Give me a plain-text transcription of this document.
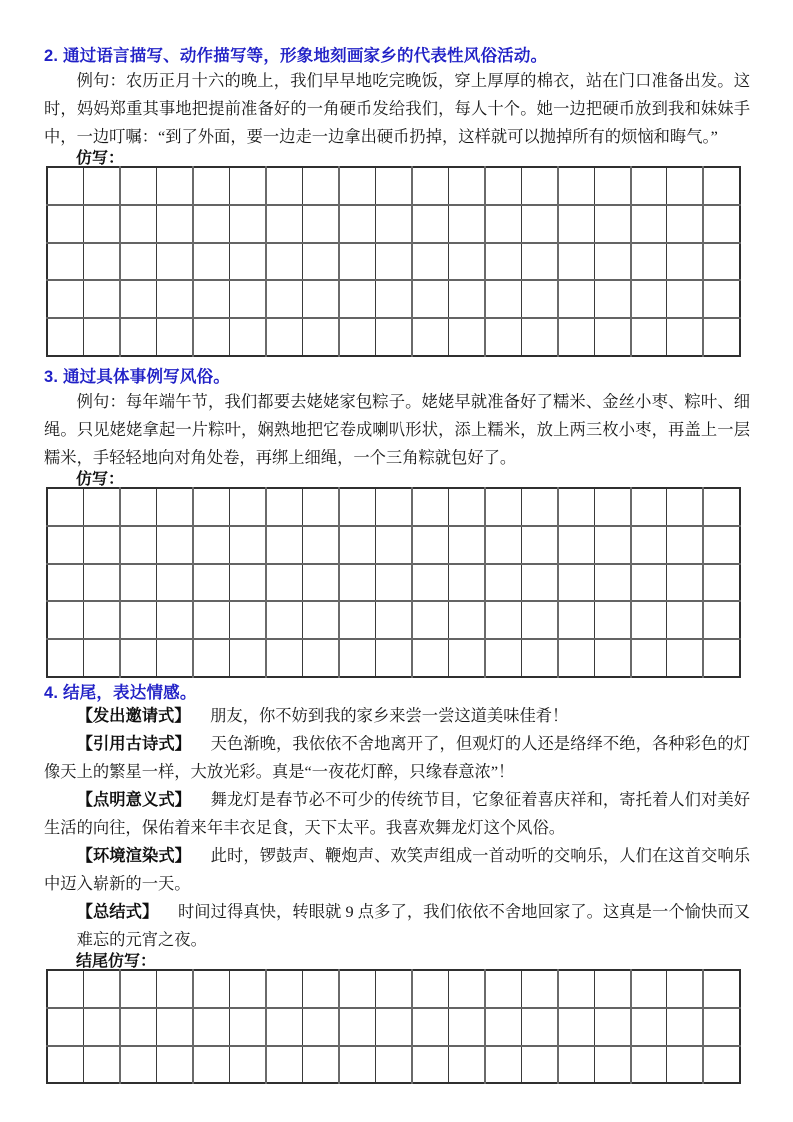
2. 通过语言描写、动作描写等，形象地刻画家乡的代表性风俗活动。

例句：农历正月十六的晚上，我们早早地吃完晚饭，穿上厚厚的棉衣，站在门口准备出发。这时，妈妈郑重其事地把提前准备好的一角硬币发给我们，每人十个。她一边把硬币放到我和妹妹手中，一边叮嘱：“到了外面，要一边走一边拿出硬币扔掉，这样就可以抛掉所有的烦恼和晦气。”

仿写：

3. 通过具体事例写风俗。

例句：每年端午节，我们都要去姥姥家包粽子。姥姥早就准备好了糯米、金丝小枣、粽叶、细绳。只见姥姥拿起一片粽叶，娴熟地把它卷成喇叭形状，添上糯米，放上两三枚小枣，再盖上一层糯米，手轻轻地向对角处卷，再绑上细绳，一个三角粽就包好了。

仿写：

4. 结尾，表达情感。

【发出邀请式】 朋友，你不妨到我的家乡来尝一尝这道美味佳肴！

【引用古诗式】 天色渐晚，我依依不舍地离开了，但观灯的人还是络绎不绝，各种彩色的灯像天上的繁星一样，大放光彩。真是“一夜花灯醉，只缘春意浓”！

【点明意义式】 舞龙灯是春节必不可少的传统节目，它象征着喜庆祥和，寄托着人们对美好生活的向往，保佑着来年丰衣足食，天下太平。我喜欢舞龙灯这个风俗。

【环境渲染式】 此时，锣鼓声、鞭炮声、欢笑声组成一首动听的交响乐，人们在这首交响乐中迈入崭新的一天。

【总结式】 时间过得真快，转眼就 9 点多了，我们依依不舍地回家了。这真是一个愉快而又难忘的元宵之夜。

结尾仿写：
